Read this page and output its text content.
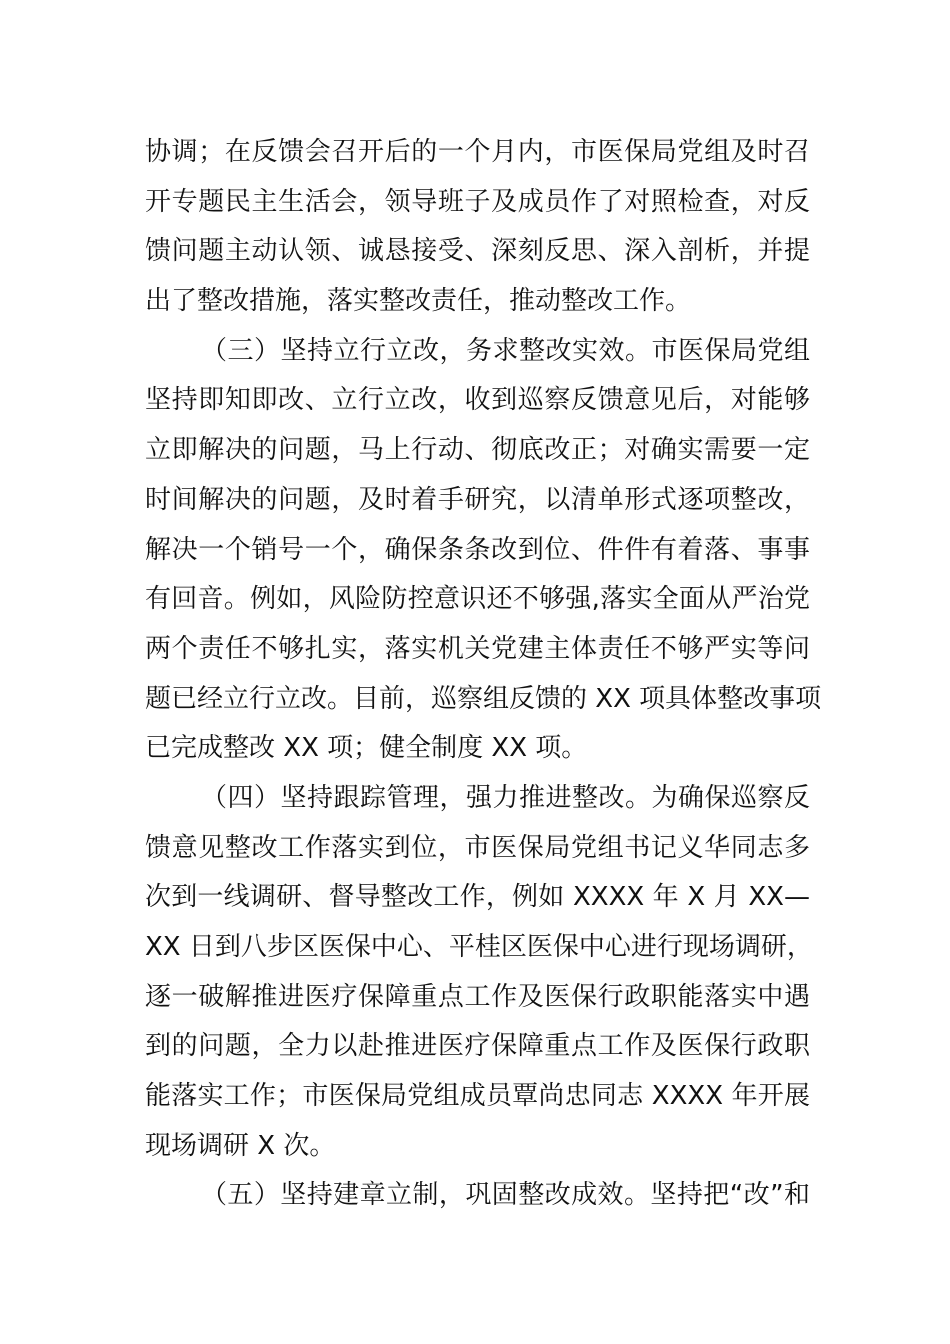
协调；在反馈会召开后的一个月内，市医保局党组及时召
开专题民主生活会，领导班子及成员作了对照检查，对反
馈问题主动认领、诚恳接受、深刻反思、深入剖析，并提
出了整改措施，落实整改责任，推动整改工作。
（三）坚持立行立改，务求整改实效。市医保局党组
坚持即知即改、立行立改，收到巡察反馈意见后，对能够
立即解决的问题，马上行动、彻底改正；对确实需要一定
时间解决的问题，及时着手研究，以清单形式逐项整改，
解决一个销号一个，确保条条改到位、件件有着落、事事
有回音。例如，风险防控意识还不够强,落实全面从严治党
两个责任不够扎实，落实机关党建主体责任不够严实等问
题已经立行立改。目前，巡察组反馈的 XX 项具体整改事项
已完成整改 XX 项；健全制度 XX 项。
（四）坚持跟踪管理，强力推进整改。为确保巡察反
馈意见整改工作落实到位，市医保局党组书记义华同志多
次到一线调研、督导整改工作，例如 XXXX 年 X 月 XX—
XX 日到八步区医保中心、平桂区医保中心进行现场调研，
逐一破解推进医疗保障重点工作及医保行政职能落实中遇
到的问题，全力以赴推进医疗保障重点工作及医保行政职
能落实工作；市医保局党组成员覃尚忠同志 XXXX 年开展
现场调研 X 次。
（五）坚持建章立制，巩固整改成效。坚持把“改”和
